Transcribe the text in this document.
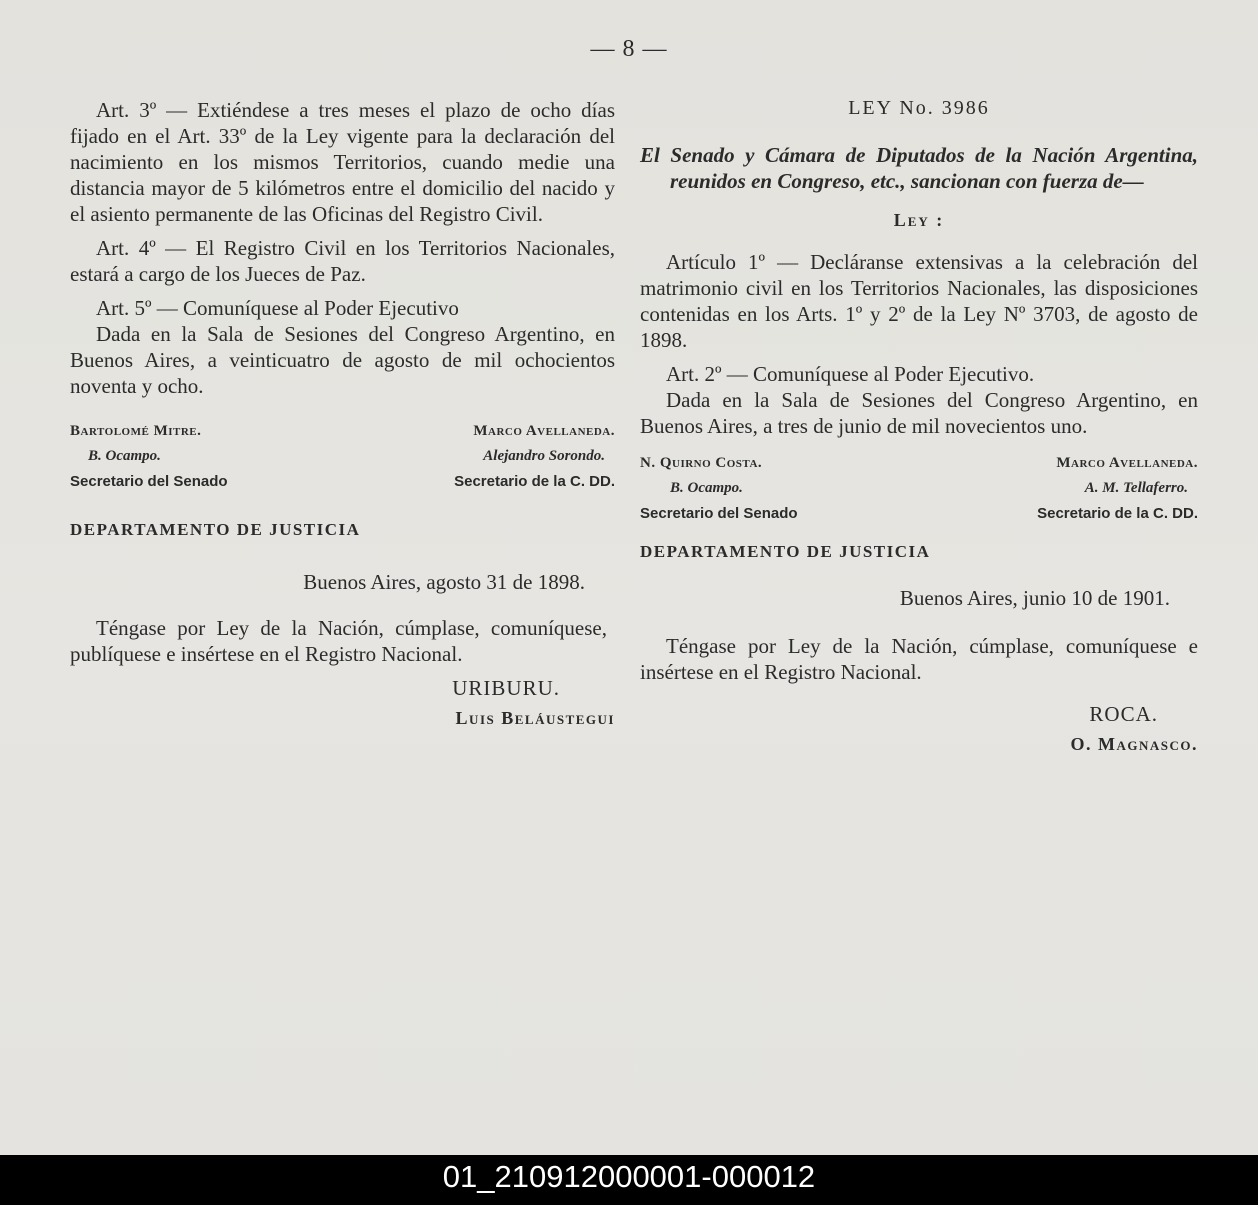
— 8 —

Art. 3º — Extiéndese a tres meses el plazo de ocho días fijado en el Art. 33º de la Ley vigente para la declaración del nacimiento en los mismos Territorios, cuando medie una distancia mayor de 5 kilómetros entre el domicilio del nacido y el asiento permanente de las Oficinas del Registro Civil.

Art. 4º — El Registro Civil en los Territorios Nacionales, estará a cargo de los Jueces de Paz.

Art. 5º — Comuníquese al Poder Ejecutivo

Dada en la Sala de Sesiones del Congreso Argentino, en Buenos Aires, a veinticuatro de agosto de mil ochocientos noventa y ocho.

Bartolomé Mitre.	Marco Avellaneda.
B. Ocampo.	Alejandro Sorondo.
Secretario del Senado	Secretario de la C. DD.
DEPARTAMENTO DE JUSTICIA
Buenos Aires, agosto 31 de 1898.

Téngase por Ley de la Nación, cúmplase, comuníquese, publíquese e insértese en el Registro Nacional.

URIBURU.
Luis Beláustegui
LEY No. 3986

El Senado y Cámara de Diputados de la Nación Argentina, reunidos en Congreso, etc., sancionan con fuerza de—

Ley :

Artículo 1º — Decláranse extensivas a la celebración del matrimonio civil en los Territorios Nacionales, las disposiciones contenidas en los Arts. 1º y 2º de la Ley Nº 3703, de agosto de 1898.

Art. 2º — Comuníquese al Poder Ejecutivo.

Dada en la Sala de Sesiones del Congreso Argentino, en Buenos Aires, a tres de junio de mil novecientos uno.

N. Quirno Costa.	Marco Avellaneda.
B. Ocampo.	A. M. Tellaferro.
Secretario del Senado	Secretario de la C. DD.
DEPARTAMENTO DE JUSTICIA
Buenos Aires, junio 10 de 1901.

Téngase por Ley de la Nación, cúmplase, comuníquese e insértese en el Registro Nacional.

ROCA.
O. Magnasco.
01_210912000001-000012
